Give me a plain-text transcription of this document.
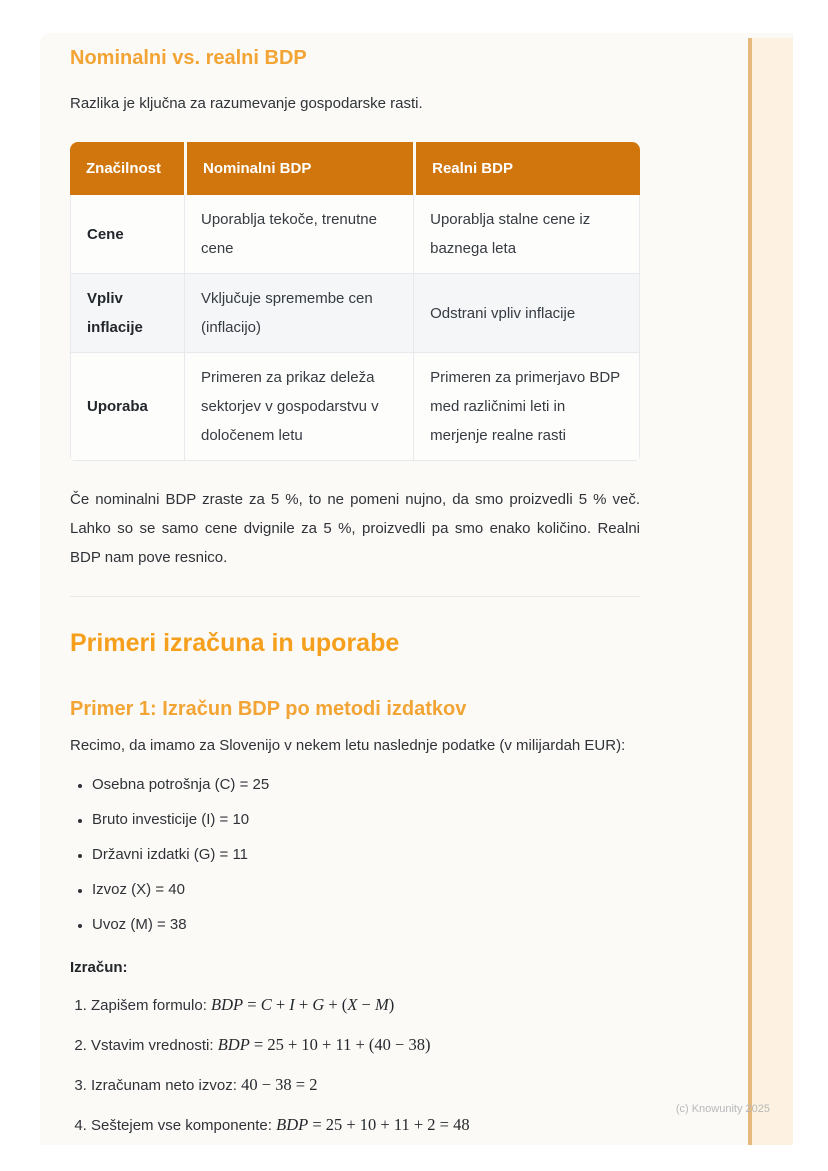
Nominalni vs. realni BDP

Razlika je ključna za razumevanje gospodarske rasti.

Značilnost	Nominalni BDP	Realni BDP
Cene	Uporablja tekoče, trenutne cene	Uporablja stalne cene iz baznega leta
Vpliv inflacije	Vključuje spremembe cen (inflacijo)	Odstrani vpliv inflacije
Uporaba	Primeren za prikaz deleža sektorjev v gospodarstvu v določenem letu	Primeren za primerjavo BDP med različnimi leti in merjenje realne rasti

Če nominalni BDP zraste za 5 %, to ne pomeni nujno, da smo proizvedli 5 % več. Lahko so se samo cene dvignile za 5 %, proizvedli pa smo enako količino. Realni BDP nam pove resnico.

Primeri izračuna in uporabe
Primer 1: Izračun BDP po metodi izdatkov

Recimo, da imamo za Slovenijo v nekem letu naslednje podatke (v milijardah EUR):

• Osebna potrošnja (C) = 25
• Bruto investicije (I) = 10
• Državni izdatki (G) = 11
• Izvoz (X) = 40
• Uvoz (M) = 38

Izračun:

1. Zapišem formulo: BDP = C + I + G + (X − M)
2. Vstavim vrednosti: BDP = 25 + 10 + 11 + (40 − 38)
3. Izračunam neto izvoz: 40 − 38 = 2
4. Seštejem vse komponente: BDP = 25 + 10 + 11 + 2 = 48
(c) Knowunity 2025
